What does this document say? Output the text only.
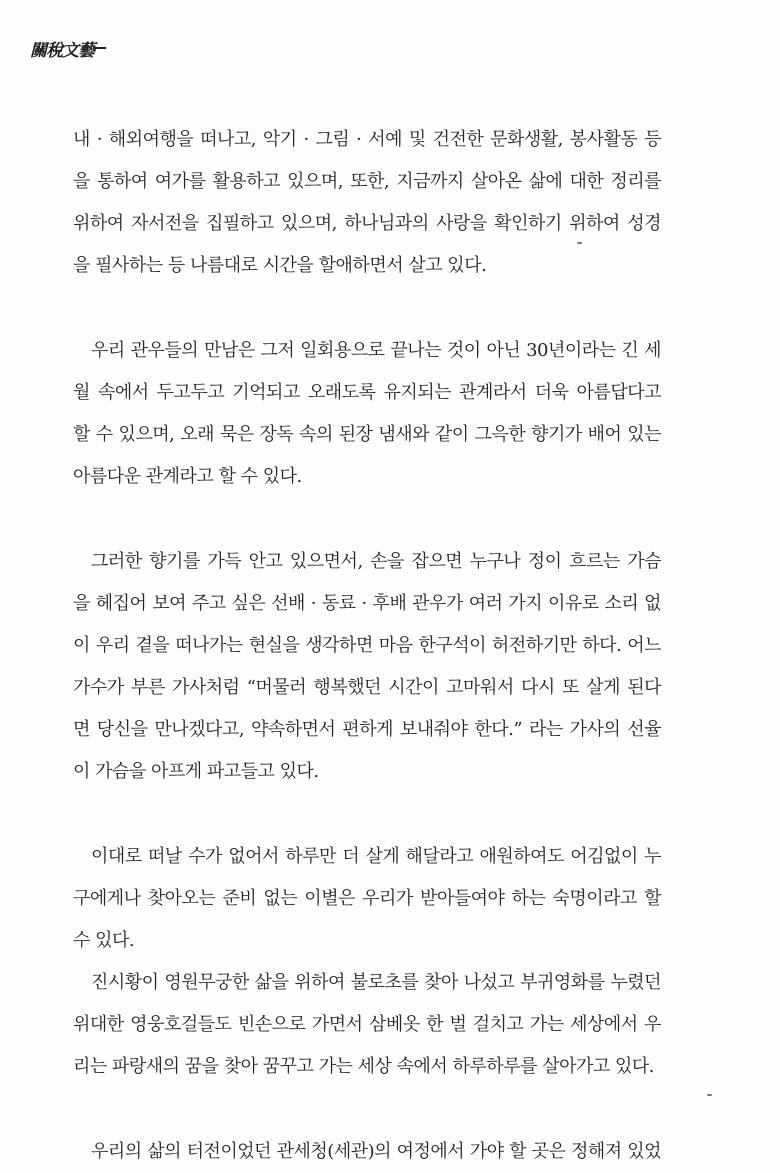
關稅文藝
내 · 해외여행을 떠나고, 악기 · 그림 · 서예 및 건전한 문화생활, 봉사활동 등
을 통하여 여가를 활용하고 있으며, 또한, 지금까지 살아온 삶에 대한 정리를
위하여 자서전을 집필하고 있으며, 하나님과의 사랑을 확인하기 위하여 성경
을 필사하는 등 나름대로 시간을 할애하면서 살고 있다.
우리 관우들의 만남은 그저 일회용으로 끝나는 것이 아닌 30년이라는 긴 세
월 속에서 두고두고 기억되고 오래도록 유지되는 관계라서 더욱 아름답다고
할 수 있으며, 오래 묵은 장독 속의 된장 냄새와 같이 그윽한 향기가 배어 있는
아름다운 관계라고 할 수 있다.
그러한 향기를 가득 안고 있으면서, 손을 잡으면 누구나 정이 흐르는 가슴
을 헤집어 보여 주고 싶은 선배 · 동료 · 후배 관우가 여러 가지 이유로 소리 없
이 우리 곁을 떠나가는 현실을 생각하면 마음 한구석이 허전하기만 하다. 어느
가수가 부른 가사처럼 “머물러 행복했던 시간이 고마워서 다시 또 살게 된다
면 당신을 만나겠다고, 약속하면서 편하게 보내줘야 한다.” 라는 가사의 선율
이 가슴을 아프게 파고들고 있다.
이대로 떠날 수가 없어서 하루만 더 살게 해달라고 애원하여도 어김없이 누
구에게나 찾아오는 준비 없는 이별은 우리가 받아들여야 하는 숙명이라고 할
수 있다.
진시황이 영원무궁한 삶을 위하여 불로초를 찾아 나섰고 부귀영화를 누렸던
위대한 영웅호걸들도 빈손으로 가면서 삼베옷 한 벌 걸치고 가는 세상에서 우
리는 파랑새의 꿈을 찾아 꿈꾸고 가는 세상 속에서 하루하루를 살아가고 있다.
우리의 삶의 터전이었던 관세청(세관)의 여정에서 가야 할 곳은 정해져 있었
